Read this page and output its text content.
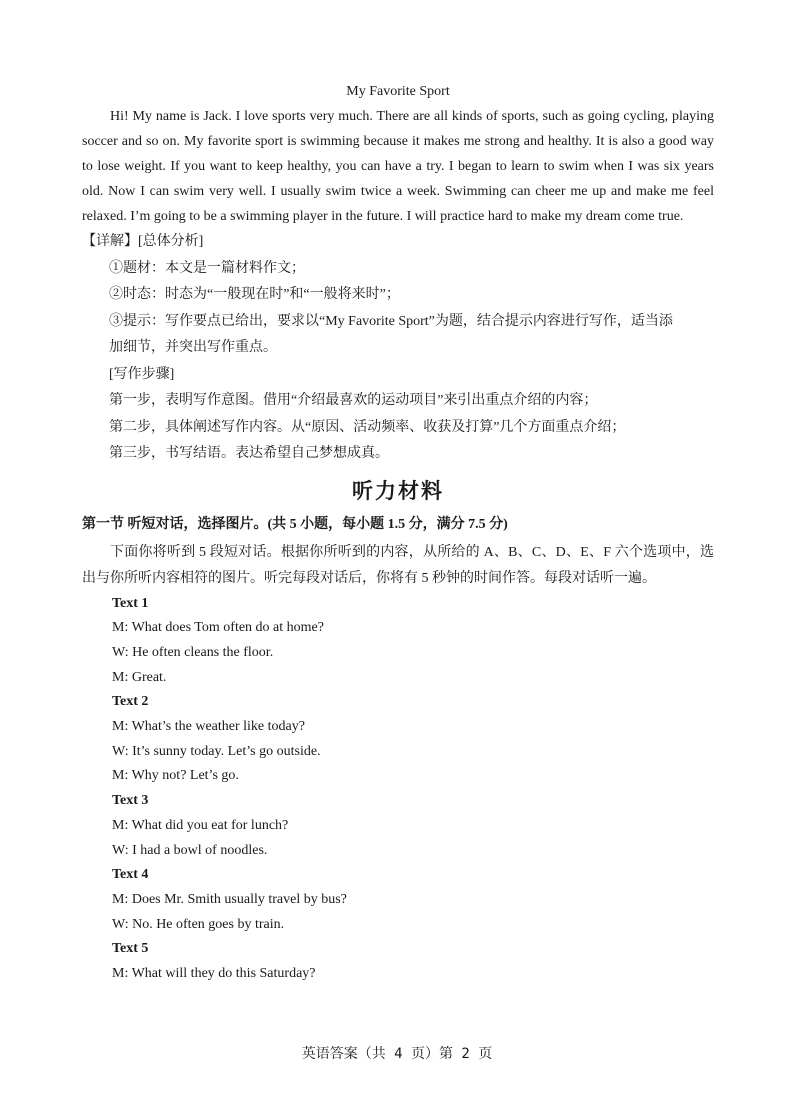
My Favorite Sport

Hi! My name is Jack. I love sports very much. There are all kinds of sports, such as going cycling, playing soccer and so on. My favorite sport is swimming because it makes me strong and healthy. It is also a good way to lose weight. If you want to keep healthy, you can have a try. I began to learn to swim when I was six years old. Now I can swim very well. I usually swim twice a week. Swimming can cheer me up and make me feel relaxed. I’m going to be a swimming player in the future. I will practice hard to make my dream come true.

【详解】[总体分析]

①题材：本文是一篇材料作文；

②时态：时态为“一般现在时”和“一般将来时”；

③提示：写作要点已给出，要求以“My Favorite Sport”为题，结合提示内容进行写作，适当添

加细节，并突出写作重点。

[写作步骤]

第一步，表明写作意图。借用“介绍最喜欢的运动项目”来引出重点介绍的内容；

第二步，具体阐述写作内容。从“原因、活动频率、收获及打算”几个方面重点介绍；

第三步，书写结语。表达希望自己梦想成真。

听力材料

第一节 听短对话，选择图片。(共 5 小题，每小题 1.5 分，满分 7.5 分)

下面你将听到 5 段短对话。根据你所听到的内容，从所给的 A、B、C、D、E、F 六个选项中，选出与你所听内容相符的图片。听完每段对话后，你将有 5 秒钟的时间作答。每段对话听一遍。

Text 1

M: What does Tom often do at home?

W: He often cleans the floor.

M: Great.

Text 2

M: What’s the weather like today?

W: It’s sunny today. Let’s go outside.

M: Why not? Let’s go.

Text 3

M: What did you eat for lunch?

W: I had a bowl of noodles.

Text 4

M: Does Mr. Smith usually travel by bus?

W: No. He often goes by train.

Text 5

M: What will they do this Saturday?

英语答案（共 4 页）第 2 页
